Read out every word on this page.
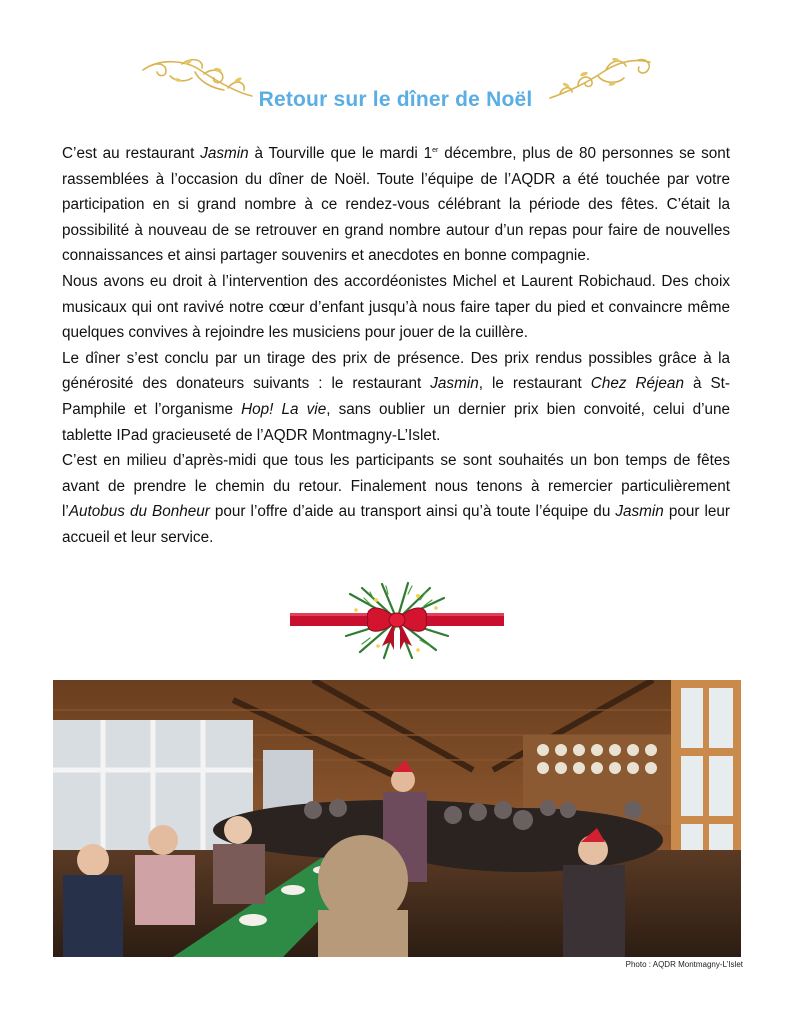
Retour sur le dîner de Noël

C’est au restaurant Jasmin à Tourville que le mardi 1er décembre, plus de 80 personnes se sont rassemblées à l’occasion du dîner de Noël. Toute l’équipe de l’AQDR a été touchée par votre participation en si grand nombre à ce rendez-vous célébrant la période des fêtes. C’était la possibilité à nouveau de se retrouver en grand nombre autour d’un repas pour faire de nouvelles connaissances et ainsi partager souvenirs et anecdotes en bonne compagnie.

Nous avons eu droit à l’intervention des accordéonistes Michel et Laurent Robichaud. Des choix musicaux qui ont ravivé notre cœur d’enfant jusqu’à nous faire taper du pied et convaincre même quelques convives à rejoindre les musiciens pour jouer de la cuillère.

Le dîner s’est conclu par un tirage des prix de présence. Des prix rendus possibles grâce à la générosité des donateurs suivants : le restaurant Jasmin, le restaurant Chez Réjean à St-Pamphile et l’organisme Hop! La vie, sans oublier un dernier prix bien convoité, celui d’une tablette IPad gracieuseté de l’AQDR Montmagny-L’Islet.

C’est en milieu d’après-midi que tous les participants se sont souhaités un bon temps de fêtes avant de prendre le chemin du retour. Finalement nous tenons à remercier particulièrement l’Autobus du Bonheur pour l’offre d’aide au transport ainsi qu’à toute l’équipe du Jasmin pour leur accueil et leur service.

Photo : AQDR Montmagny-L’Islet
